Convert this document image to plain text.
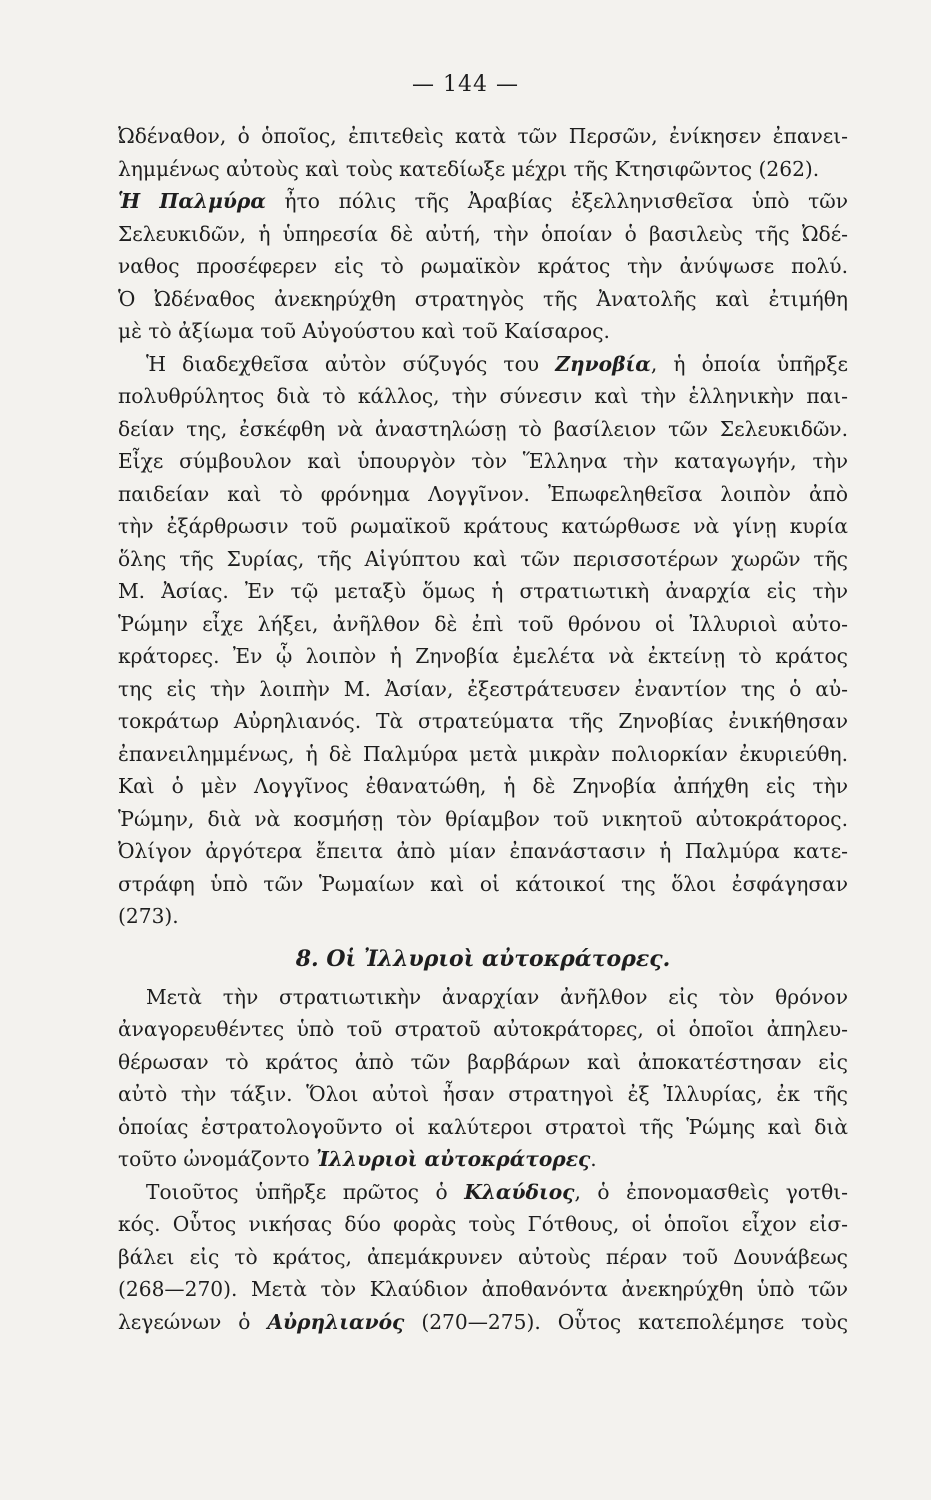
— 144 —
Ὠδέναθον, ὁ ὁποῖος, ἐπιτεθεὶς κατὰ τῶν Περσῶν, ἐνίκησεν ἐπανει-
λημμένως αὐτοὺς καὶ τοὺς κατεδίωξε μέχρι τῆς Κτησιφῶντος (262).
Ἡ Παλμύρα ἦτο πόλις τῆς Ἀραβίας ἐξελληνισθεῖσα ὑπὸ τῶν
Σελευκιδῶν, ἡ ὑπηρεσία δὲ αὐτή, τὴν ὁποίαν ὁ βασιλεὺς τῆς Ὠδέ-
ναθος προσέφερεν εἰς τὸ ρωμαϊκὸν κράτος τὴν ἀνύψωσε πολύ.
Ὁ Ὠδέναθος ἀνεκηρύχθη στρατηγὸς τῆς Ἀνατολῆς καὶ ἐτιμήθη
μὲ τὸ ἀξίωμα τοῦ Αὐγούστου καὶ τοῦ Καίσαρος.
Ἡ διαδεχθεῖσα αὐτὸν σύζυγός του Ζηνοβία, ἡ ὁποία ὑπῆρξε
πολυθρύλητος διὰ τὸ κάλλος, τὴν σύνεσιν καὶ τὴν ἑλληνικὴν παι-
δείαν της, ἐσκέφθη νὰ ἀναστηλώσῃ τὸ βασίλειον τῶν Σελευκιδῶν.
Εἶχε σύμβουλον καὶ ὑπουργὸν τὸν Ἕλληνα τὴν καταγωγήν, τὴν
παιδείαν καὶ τὸ φρόνημα Λογγῖνον. Ἐπωφεληθεῖσα λοιπὸν ἀπὸ
τὴν ἐξάρθρωσιν τοῦ ρωμαϊκοῦ κράτους κατώρθωσε νὰ γίνῃ κυρία
ὅλης τῆς Συρίας, τῆς Αἰγύπτου καὶ τῶν περισσοτέρων χωρῶν τῆς
Μ. Ἀσίας. Ἐν τῷ μεταξὺ ὅμως ἡ στρατιωτικὴ ἀναρχία εἰς τὴν
Ῥώμην εἶχε λήξει, ἀνῆλθον δὲ ἐπὶ τοῦ θρόνου οἱ Ἰλλυριοὶ αὐτο-
κράτορες. Ἐν ᾧ λοιπὸν ἡ Ζηνοβία ἐμελέτα νὰ ἐκτείνῃ τὸ κράτος
της εἰς τὴν λοιπὴν Μ. Ἀσίαν, ἐξεστράτευσεν ἐναντίον της ὁ αὐ-
τοκράτωρ Αὐρηλιανός. Τὰ στρατεύματα τῆς Ζηνοβίας ἐνικήθησαν
ἐπανειλημμένως, ἡ δὲ Παλμύρα μετὰ μικρὰν πολιορκίαν ἐκυριεύθη.
Καὶ ὁ μὲν Λογγῖνος ἐθανατώθη, ἡ δὲ Ζηνοβία ἀπήχθη εἰς τὴν
Ῥώμην, διὰ νὰ κοσμήσῃ τὸν θρίαμβον τοῦ νικητοῦ αὐτοκράτορος.
Ὀλίγον ἀργότερα ἔπειτα ἀπὸ μίαν ἐπανάστασιν ἡ Παλμύρα κατε-
στράφη ὑπὸ τῶν Ῥωμαίων καὶ οἱ κάτοικοί της ὅλοι ἐσφάγησαν
(273).
8. Οἱ Ἰλλυριοὶ αὐτοκράτορες.
Μετὰ τὴν στρατιωτικὴν ἀναρχίαν ἀνῆλθον εἰς τὸν θρόνον
ἀναγορευθέντες ὑπὸ τοῦ στρατοῦ αὐτοκράτορες, οἱ ὁποῖοι ἀπηλευ-
θέρωσαν τὸ κράτος ἀπὸ τῶν βαρβάρων καὶ ἀποκατέστησαν εἰς
αὐτὸ τὴν τάξιν. Ὅλοι αὐτοὶ ἦσαν στρατηγοὶ ἐξ Ἰλλυρίας, ἐκ τῆς
ὁποίας ἐστρατολογοῦντο οἱ καλύτεροι στρατοὶ τῆς Ῥώμης καὶ διὰ
τοῦτο ὠνομάζοντο Ἰλλυριοὶ αὐτοκράτορες.
Τοιοῦτος ὑπῆρξε πρῶτος ὁ Κλαύδιος, ὁ ἐπονομασθεὶς γοτθι-
κός. Οὗτος νικήσας δύο φορὰς τοὺς Γότθους, οἱ ὁποῖοι εἶχον εἰσ-
βάλει εἰς τὸ κράτος, ἀπεμάκρυνεν αὐτοὺς πέραν τοῦ Δουνάβεως
(268—270). Μετὰ τὸν Κλαύδιον ἀποθανόντα ἀνεκηρύχθη ὑπὸ τῶν
λεγεώνων ὁ Αὐρηλιανός (270—275). Οὗτος κατεπολέμησε τοὺς
